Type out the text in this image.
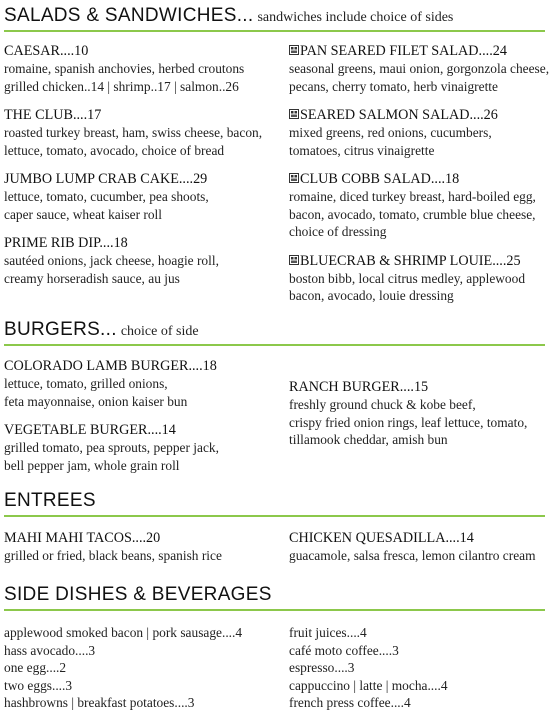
SALADS & SANDWICHES... sandwiches include choice of sides
CAESAR....10
romaine, spanish anchovies, herbed croutons
grilled chicken..14 | shrimp..17 | salmon..26
THE CLUB....17
roasted turkey breast, ham, swiss cheese, bacon,
lettuce, tomato, avocado, choice of bread
JUMBO LUMP CRAB CAKE....29
lettuce, tomato, cucumber, pea shoots,
caper sauce, wheat kaiser roll
PRIME RIB DIP....18
sautéed onions, jack cheese, hoagie roll,
creamy horseradish sauce, au jus
PAN SEARED FILET SALAD....24
seasonal greens, maui onion, gorgonzola cheese,
pecans, cherry tomato, herb vinaigrette
SEARED SALMON SALAD....26
mixed greens, red onions, cucumbers,
tomatoes, citrus vinaigrette
CLUB COBB SALAD....18
romaine, diced turkey breast, hard-boiled egg,
bacon, avocado, tomato, crumble blue cheese,
choice of dressing
BLUECRAB & SHRIMP LOUIE....25
boston bibb, local citrus medley, applewood
bacon, avocado, louie dressing
BURGERS... choice of side
COLORADO LAMB BURGER....18
lettuce, tomato, grilled onions,
feta mayonnaise, onion kaiser bun
VEGETABLE BURGER....14
grilled tomato, pea sprouts, pepper jack,
bell pepper jam, whole grain roll
RANCH BURGER....15
freshly ground chuck & kobe beef,
crispy fried onion rings, leaf lettuce, tomato,
tillamook cheddar, amish bun
ENTREES
MAHI MAHI TACOS....20
grilled or fried, black beans, spanish rice
CHICKEN QUESADILLA....14
guacamole, salsa fresca, lemon cilantro cream
SIDE DISHES & BEVERAGES
applewood smoked bacon | pork sausage....4
hass avocado....3
one egg....2
two eggs....3
hashbrowns | breakfast potatoes....3
fruit juices....4
café moto coffee....3
espresso....3
cappuccino | latte | mocha....4
french press coffee....4
